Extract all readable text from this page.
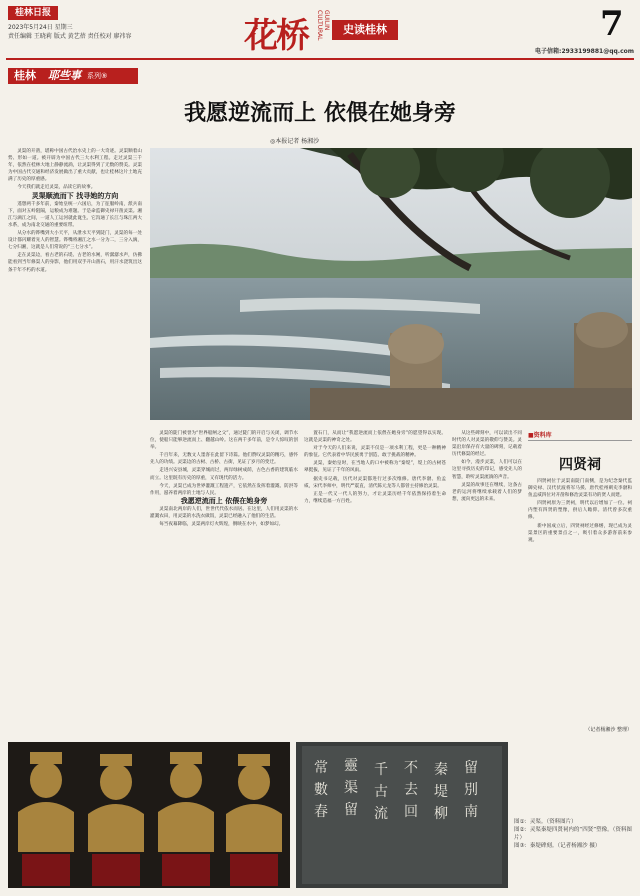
桂林日报
2023年5月24日 星期三
责任编辑 王晓莉 版式 黄艺蓓 责任校对 廖祎容	花桥	GUILIN CULTURAL	史读桂林	7
电子信箱:2933199881@qq.com
桂林	耶些事 系列⑨
我愿逆流而上 依偎在她身旁
◎本报记者 杨湘沙

灵渠的开凿，堪称中国古代治水史上的一大奇迹。灵渠顺着山势、形如一道。被开辟为中国古代三大水利工程。走过灵渠三千年，依然在桂林大地上静静流淌，让灵渠得到了无数的赞美。灵渠为中国古代交通和经济发展做出了重大贡献，也让桂林这片土地充满了历史的厚重感。

今天我们就走近灵渠，品读它的故事。

灵渠顺流而下 找寻她的方向

遥想两千多年前，秦始皇统一六国后，为了征服岭南，派兵南下，面对五岭阻隔，运粮成为难题。于是命监御史禄开凿灵渠。湘江与漓江之间，一道人工运河就此诞生。它沟通了长江与珠江两大水系，成为南北交通的重要纽带。

从分水的铧嘴到大小天平，从泄水天平到陡门，灵渠的每一处设计都闪耀着先人的智慧。铧嘴将湘江之水一分为二，三分入漓，七分归湘，这就是人们常说的“三七分水”。

走在灵渠边，看古老的石堤、古老的水闸，听潺潺水声，仿佛能看到当年修渠人的身影，他们用双手开山凿石，用汗水浇筑出这条千年不朽的水道。

灵渠的陡门被誉为“世界船闸之父”，通过陡门的开启与关闭，调节水位，使船只能够逆流而上、翻越山岭。这在两千多年前，是令人惊叹的创举。

千百年来，无数文人墨客在此留下诗篇。他们赞叹灵渠的精巧，感怀先人的功绩。灵渠边的古树、古桥、古街，见证了岁月的变迁。

走进兴安县城，灵渠穿城而过，两岸绿树成荫，古色古香的建筑临水而立。这里既有历史的厚重，又有现代的活力。

今天，灵渠已成为世界灌溉工程遗产，它依然在发挥着灌溉、防洪等作用，滋养着两岸的土地与人民。

我愿逆流而上 依偎在她身旁

灵渠南北两岸的人们，世世代代依水而居。在这里，人们用灵渠的水灌溉农田，用灵渠的水洗衣做饭，灵渠已经融入了他们的生活。

每当夜幕降临，灵渠两岸灯火辉煌，倒映在水中，如梦如幻。

置石门，从而让“我愿逆流而上依偎在她身旁”的愿望得以实现。这就是灵渠的神奇之处。

对于今天的人们来说，灵渠不仅是一项水利工程，更是一种精神的象征。它代表着中华民族勇于创造、敢于挑战的精神。

灵渠，秦始皇时，在当地人的口中被称为“秦堤”，堤上的古树苍翠挺拔，见证了千年的风雨。

据史书记载，历代对灵渠都进行过多次维修。唐代李渤、鱼孟威，宋代李师中，明代严震直，清代陈元龙等人都曾主持修治灵渠。

正是一代又一代人的努力，才让灵渠历经千年依然保持着生命力，继续造福一方百姓。

从这些碑刻中，可以读出不同时代的人对灵渠的敬仰与赞美。灵渠沿岸保存有大量的碑刻，记载着历代修渠的经过。

如今，漫步灵渠，人们可以在这里寻找历史的印记，感受先人的智慧，聆听灵渠流淌的声音。

灵渠的故事还在继续，这条古老的运河将继续承载着人们的梦想，流向更远的未来。

■资料库
四贤祠

四贤祠位于灵渠南陡门南侧，是为纪念秦代监御史禄、汉代伏波将军马援、唐代桂州刺史李渤和鱼孟威四位对开凿和修治灵渠有功的贤人而建。

四贤祠原为三贤祠，明代以后增加了一位。祠内塑有四贤的塑像，供后人瞻仰。清代曾多次重修。

新中国成立后，四贤祠经过修缮，现已成为灵渠景区的重要景点之一，吸引着众多游客前来参观。

（记者杨湘沙 整理）
常
數
春
靈
渠
留
千
古
流
不
去
回
秦
堤
柳
留
別
南
图①：灵渠。（资料图片）
图②：灵渠秦堤四贤祠内的“四贤”塑像。（资料图片）
图③：秦堤碑刻。（记者杨湘沙 摄）
